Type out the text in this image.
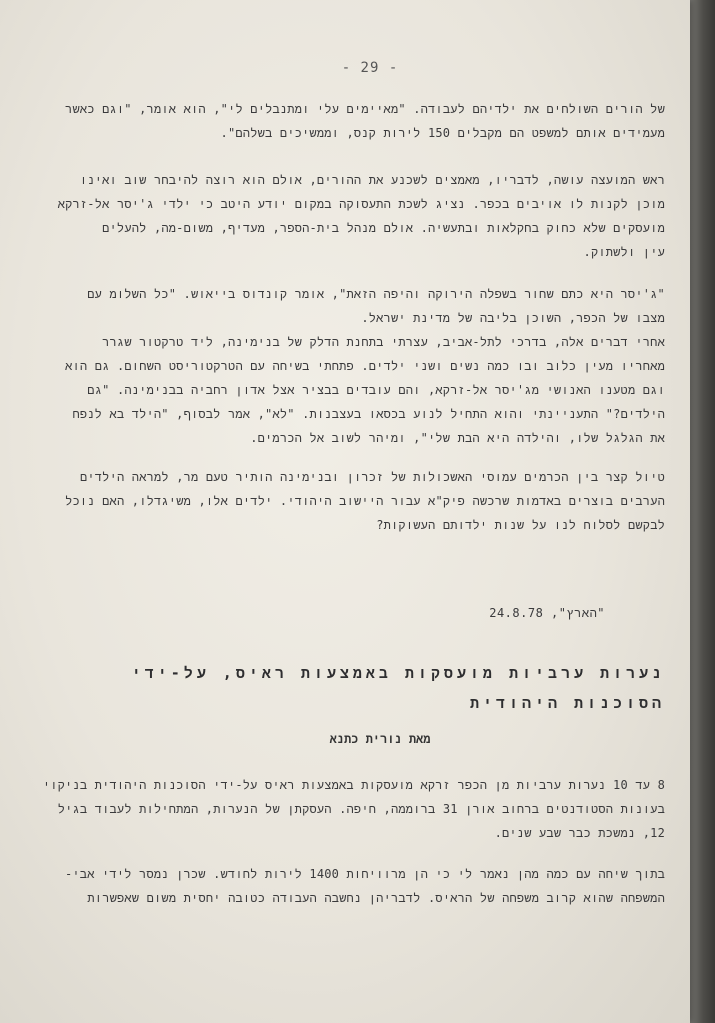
- 29 -
של הורים השולחים את ילדיהם לעבודה. "מאיימים עלי ומתנבלים לי", הוא אומר, "וגם כאשר
מעמידים אותם למשפט הם מקבלים 150 לירות קנס, וממשיכים בשלהם".
ראש המועצה עושה, לדבריו, מאמצים לשכנע את ההורים, אולם הוא רוצה להיבחר שוב ואינו
מוכן לקנות לו אויבים בכפר. נציג לשכת התעסוקה במקום יודע היטב כי ילדי ג'יסר אל-זרקא
מועסקים שלא כחוק בחקלאות ובתעשיה. אולם מנהל בית-הספר, מעדיף, משום-מה, להעלים
עין ולשתוק.
"ג'יסר היא כתם שחור בשפלה הירוקה והיפה הזאת", אומר קונדוס בייאוש. "כל השלומ עם
מצבו של הכפר, השוכן בליבה של מדינת ישראל.
אחרי דברים אלה, בדרכי לתל-אביב, עצרתי בתחנת הדלק של בנימינה, ליד טרקטור שגרר
מאחריו מעין כלוב ובו כמה נשים ושני ילדים. פתחתי בשיחה עם הטרקטוריסט השחום. גם הוא
וגם מטענו האנושי מג'יסר אל-זרקא, והם עובדים בבציר אצל אדון רחביה בבנימינה. "גם
הילדים?" התעניינתי והוא התחיל לנוע בכסאו בעצבנות. "לא", אמר לבסוף, "הילד בא לנפח
את הגלגל שלו, והילדה היא הבת שלי", ומיהר לשוב אל הכרמים.
טיול קצר בין הכרמים עמוסי האשכולות של זכרון ובנימינה הותיר טעם מר, למראה הילדים
הערבים בוצרים באדמות שרכשה פיק"א עבור היישוב היהודי. ילדים אלו, משיגדלו, האם נוכל
לבקשם לסלוח לנו על שנות ילדותם העשוקות?
"הארץ", 24.8.78
נערות ערביות מועסקות באמצעות ראיס, על-ידי
הסוכנות היהודית
מאת נורית כתנא
8 עד 10 נערות ערביות מן הכפר זרקא מועסקות באמצעות ראיס על-ידי הסוכנות היהודית בניקוי
בעונות הסטודנטים ברחוב אורן 31 ברוממה, חיפה. העסקתן של הנערות, המתחילות לעבוד בגיל
12, נמשכת כבר שבע שנים.
בתוך שיחה עם כמה מהן נאמר לי כי הן מרוויחות 1400 לירות לחודש. שכרן נמסר לידי אבי-
המשפחה שהוא קרוב משפחה של הראיס. לדבריהן נחשבה העבודה כטובה יחסית משום שאפשרות
